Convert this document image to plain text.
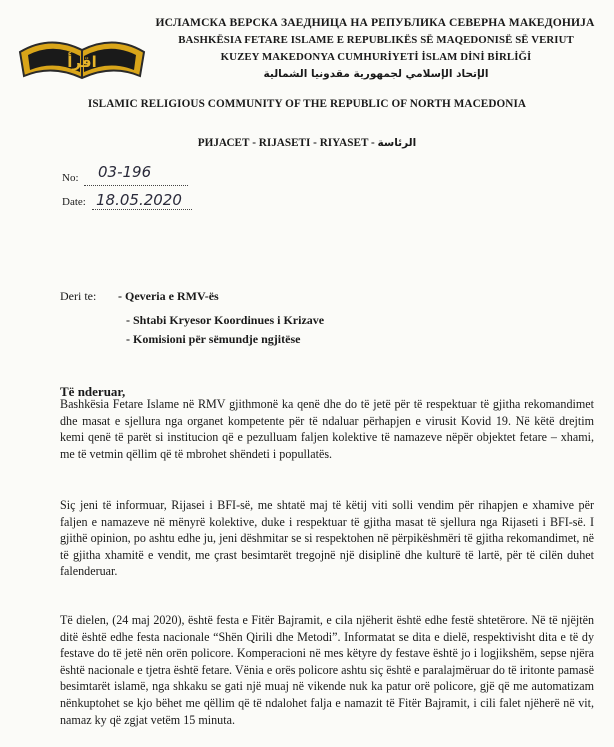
اقرأ
ИСЛАМСКА ВЕРСКА ЗАЕДНИЦА НА РЕПУБЛИКА СЕВЕРНА МАКЕДОНИЈА
BASHKËSIA FETARE ISLAME E REPUBLIKËS SË MAQEDONISË SË VERIUT
KUZEY MAKEDONYA CUMHURİYETİ İSLAM DİNİ BİRLİĞİ
الإتحاد الإسلامي لجمهورية مقدونيا الشمالية
ISLAMIC RELIGIOUS COMMUNITY OF THE REPUBLIC OF NORTH MACEDONIA
РИЈАСЕТ - RIJASETI - RIYASET - الرئاسة
No: 03-196
Date: 18.05.2020
Deri te: - Qeveria e RMV-ës
- Shtabi Kryesor Koordinues i Krizave
- Komisioni për sëmundje ngjitëse
Të nderuar,

Bashkësia Fetare Islame në RMV gjithmonë ka qenë dhe do të jetë për të respektuar të gjitha rekomandimet dhe masat e sjellura nga organet kompetente për të ndaluar përhapjen e virusit Kovid 19. Në këtë drejtim kemi qenë të parët si institucion që e pezulluam faljen kolektive të namazeve nëpër objektet fetare – xhami, me të vetmin qëllim që të mbrohet shëndeti i popullatës.

Siç jeni të informuar, Rijasei i BFI-së, me shtatë maj të këtij viti solli vendim për rihapjen e xhamive për faljen e namazeve në mënyrë kolektive, duke i respektuar të gjitha masat të sjellura nga Rijaseti i BFI-së. I gjithë opinion, po ashtu edhe ju, jeni dëshmitar se si respektohen në përpikëshmëri të gjitha rekomandimet, në të gjitha xhamitë e vendit, me çrast besimtarët tregojnë një disiplinë dhe kulturë të lartë, për të cilën duhet falenderuar.

Të dielen, (24 maj 2020), është festa e Fitër Bajramit, e cila njëherit është edhe festë shtetërore. Në të njëjtën ditë është edhe festa nacionale “Shën Qirili dhe Metodi”. Informatat se dita e dielë, respektivisht dita e të dy festave do të jetë nën orën policore. Komperacioni në mes këtyre dy festave është jo i logjikshëm, sepse njëra është nacionale e tjetra është fetare. Vënia e orës policore ashtu siç është e paralajmëruar do të iritonte pamasë besimtarët islamë, nga shkaku se gati një muaj në vikende nuk ka patur orë policore, gjë që me automatizam nënkuptohet se kjo bëhet me qëllim që të ndalohet falja e namazit të Fitër Bajramit, i cili falet njëherë në vit, namaz ky që zgjat vetëm 15 minuta.
